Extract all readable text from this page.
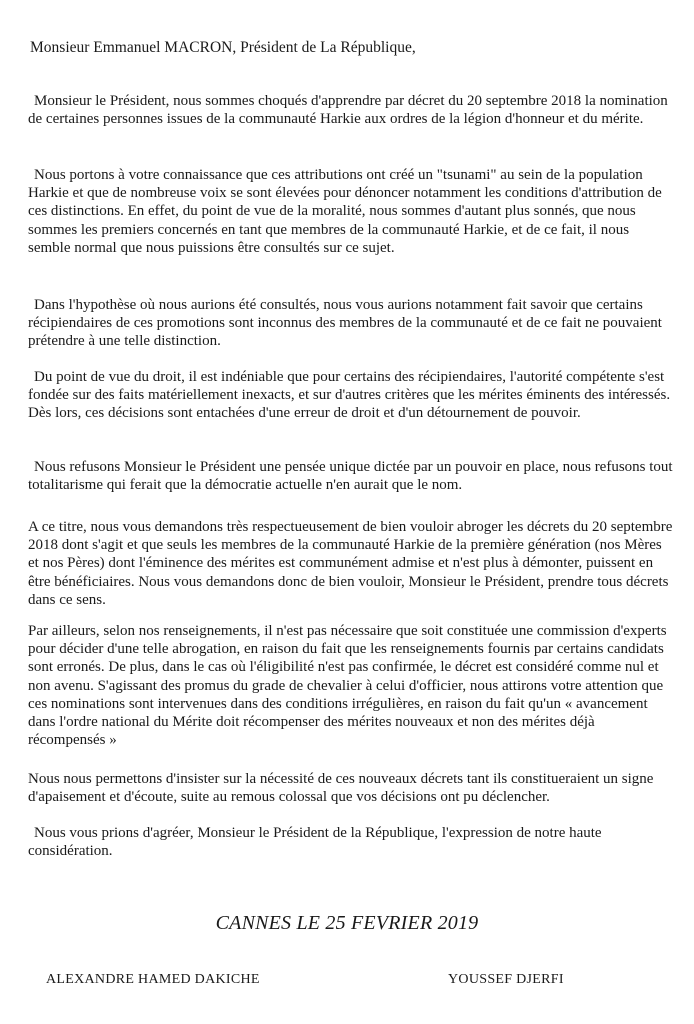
Monsieur Emmanuel MACRON, Président de La République,

Monsieur le Président, nous sommes choqués d'apprendre par décret du 20 septembre 2018 la nomination de certaines personnes issues de la communauté Harkie aux ordres de la légion d'honneur et du mérite.

Nous portons à votre connaissance que ces attributions ont créé un "tsunami" au sein de la population Harkie et que de nombreuse voix se sont élevées pour dénoncer notamment les conditions d'attribution de ces distinctions. En effet, du point de vue de la moralité, nous sommes d'autant plus sonnés, que nous sommes les premiers concernés en tant que membres de la communauté Harkie, et de ce fait, il nous semble normal que nous puissions être consultés sur ce sujet.

Dans l'hypothèse où nous aurions été consultés, nous vous aurions notamment fait savoir que certains récipiendaires de ces promotions sont inconnus des membres de la communauté et de ce fait ne pouvaient prétendre à une telle distinction.

Du point de vue du droit, il est indéniable que pour certains des récipiendaires, l'autorité compétente s'est fondée sur des faits matériellement inexacts, et sur d'autres critères que les mérites éminents des intéressés. Dès lors, ces décisions sont entachées d'une erreur de droit et d'un détournement de pouvoir.

Nous refusons Monsieur le Président une pensée unique dictée par un pouvoir en place, nous refusons tout totalitarisme qui ferait que la démocratie actuelle n'en aurait que le nom.

A ce titre, nous vous demandons très respectueusement de bien vouloir abroger les décrets du 20 septembre 2018 dont s'agit et que seuls les membres de la communauté Harkie de la première génération (nos Mères et nos Pères) dont l'éminence des mérites est communément admise et n'est plus à démonter, puissent en être bénéficiaires. Nous vous demandons donc de bien vouloir, Monsieur le Président, prendre tous décrets dans ce sens.

Par ailleurs, selon nos renseignements, il n'est pas nécessaire que soit constituée une commission d'experts pour décider d'une telle abrogation, en raison du fait que les renseignements fournis par certains candidats sont erronés. De plus, dans le cas où l'éligibilité n'est pas confirmée, le décret est considéré comme nul et non avenu. S'agissant des promus du grade de chevalier à celui d'officier, nous attirons votre attention que ces nominations sont intervenues dans des conditions irrégulières, en raison du fait qu'un « avancement dans l'ordre national du Mérite doit récompenser des mérites nouveaux et non des mérites déjà récompensés »

Nous nous permettons d'insister sur la nécessité de ces nouveaux décrets tant ils constitueraient un signe d'apaisement et d'écoute, suite au remous colossal que vos décisions ont pu déclencher.

Nous vous prions d'agréer, Monsieur le Président de la République, l'expression de notre haute considération.

CANNES LE 25 FEVRIER 2019
ALEXANDRE HAMED DAKICHE	YOUSSEF DJERFI
